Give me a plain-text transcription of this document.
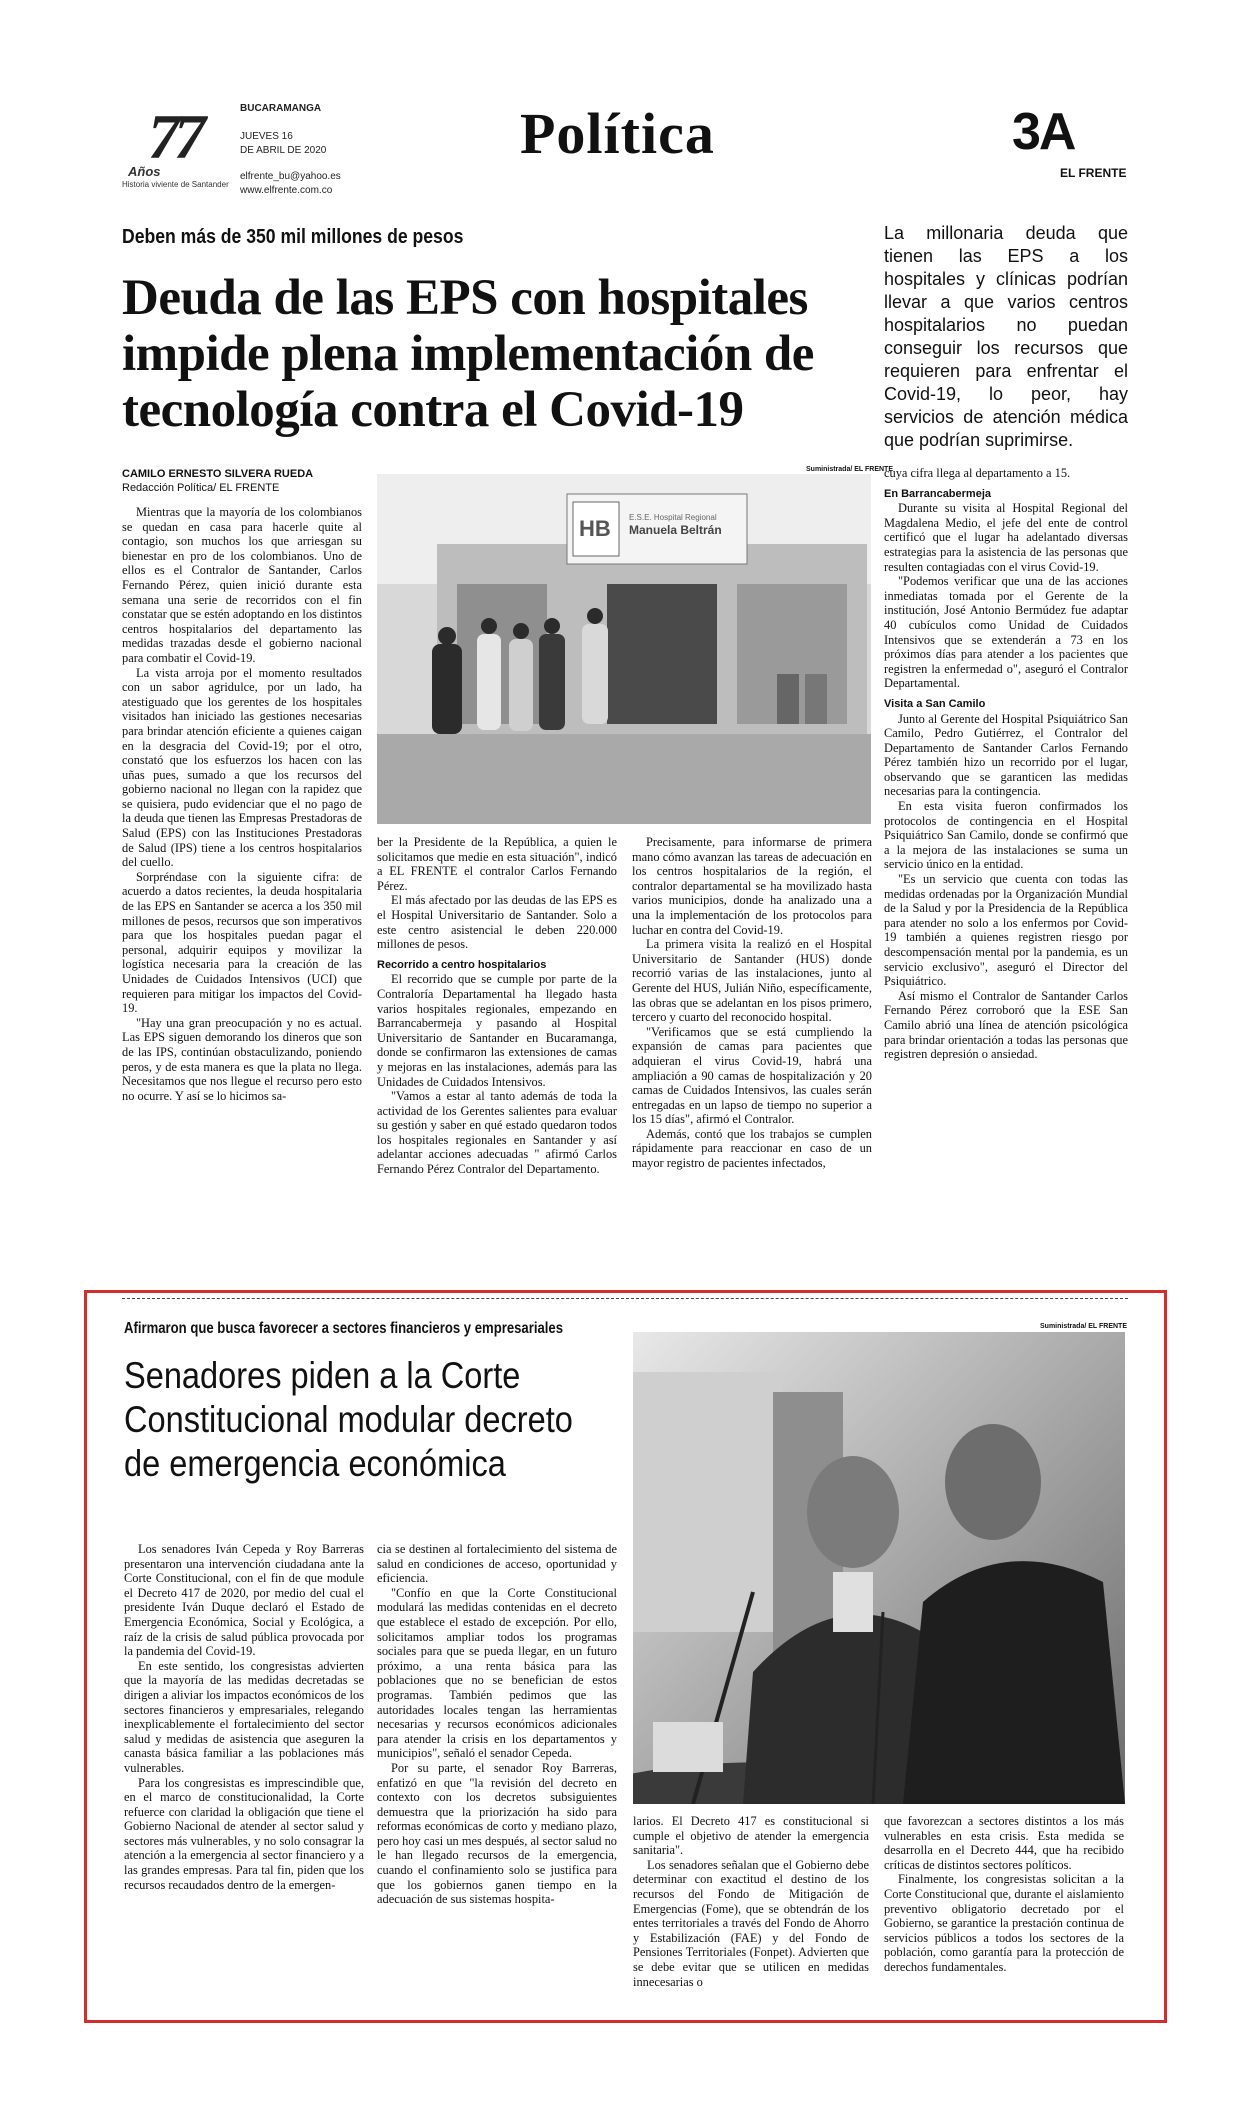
77
Años
Historia viviente de Santander
BUCARAMANGA
JUEVES 16
DE ABRIL DE 2020
elfrente_bu@yahoo.es
www.elfrente.com.co
Política	3A
EL FRENTE
Deben más de 350 mil millones de pesos
Deuda de las EPS con hospitales impide plena implementación de tecnología contra el Covid-19
La millonaria deuda que tienen las EPS a los hospitales y clínicas podrían llevar a que varios centros hospitalarios no puedan conseguir los recursos que requieren para enfrentar el Covid-19, lo peor, hay servicios de atención médica que podrían suprimirse.
CAMILO ERNESTO SILVERA RUEDA
Redacción Política/ EL FRENTE
Suministrada/ EL FRENTE
HB E.S.E. Hospital Regional
Manuela Beltrán

Mientras que la mayoría de los colombianos se quedan en casa para hacerle quite al contagio, son muchos los que arriesgan su bienestar en pro de los colombianos. Uno de ellos es el Contralor de Santander, Carlos Fernando Pérez, quien inició durante esta semana una serie de recorridos con el fin constatar que se estén adoptando en los distintos centros hospitalarios del departamento las medidas trazadas desde el gobierno nacional para combatir el Covid-19.

La vista arroja por el momento resultados con un sabor agridulce, por un lado, ha atestiguado que los gerentes de los hospitales visitados han iniciado las gestiones necesarias para brindar atención eficiente a quienes caigan en la desgracia del Covid-19; por el otro, constató que los esfuerzos los hacen con las uñas pues, sumado a que los recursos del gobierno nacional no llegan con la rapidez que se quisiera, pudo evidenciar que el no pago de la deuda que tienen las Empresas Prestadoras de Salud (EPS) con las Instituciones Prestadoras de Salud (IPS) tiene a los centros hospitalarios del cuello.

Sorpréndase con la siguiente cifra: de acuerdo a datos recientes, la deuda hospitalaria de las EPS en Santander se acerca a los 350 mil millones de pesos, recursos que son imperativos para que los hospitales puedan pagar el personal, adquirir equipos y movilizar la logística necesaria para la creación de las Unidades de Cuidados Intensivos (UCI) que requieren para mitigar los impactos del Covid-19.

"Hay una gran preocupación y no es actual. Las EPS siguen demorando los dineros que son de las IPS, continúan obstaculizando, poniendo peros, y de esta manera es que la plata no llega. Necesitamos que nos llegue el recurso pero esto no ocurre. Y así se lo hicimos sa-

ber la Presidente de la República, a quien le solicitamos que medie en esta situación", indicó a EL FRENTE el contralor Carlos Fernando Pérez.

El más afectado por las deudas de las EPS es el Hospital Universitario de Santander. Solo a este centro asistencial le deben 220.000 millones de pesos.

Recorrido a centro hospitalarios

El recorrido que se cumple por parte de la Contraloría Departamental ha llegado hasta varios hospitales regionales, empezando en Barrancabermeja y pasando al Hospital Universitario de Santander en Bucaramanga, donde se confirmaron las extensiones de camas y mejoras en las instalaciones, además para las Unidades de Cuidados Intensivos.

"Vamos a estar al tanto además de toda la actividad de los Gerentes salientes para evaluar su gestión y saber en qué estado quedaron todos los hospitales regionales en Santander y así adelantar acciones adecuadas " afirmó Carlos Fernando Pérez Contralor del Departamento.

Precisamente, para informarse de primera mano cómo avanzan las tareas de adecuación en los centros hospitalarios de la región, el contralor departamental se ha movilizado hasta varios municipios, donde ha analizado una a una la implementación de los protocolos para luchar en contra del Covid-19.

La primera visita la realizó en el Hospital Universitario de Santander (HUS) donde recorrió varias de las instalaciones, junto al Gerente del HUS, Julián Niño, específicamente, las obras que se adelantan en los pisos primero, tercero y cuarto del reconocido hospital.

"Verificamos que se está cumpliendo la expansión de camas para pacientes que adquieran el virus Covid-19, habrá una ampliación a 90 camas de hospitalización y 20 camas de Cuidados Intensivos, las cuales serán entregadas en un lapso de tiempo no superior a los 15 días", afirmó el Contralor.

Además, contó que los trabajos se cumplen rápidamente para reaccionar en caso de un mayor registro de pacientes infectados,

cuya cifra llega al departamento a 15.

En Barrancabermeja

Durante su visita al Hospital Regional del Magdalena Medio, el jefe del ente de control certificó que el lugar ha adelantado diversas estrategias para la asistencia de las personas que resulten contagiadas con el virus Covid-19.

"Podemos verificar que una de las acciones inmediatas tomada por el Gerente de la institución, José Antonio Bermúdez fue adaptar 40 cubículos como Unidad de Cuidados Intensivos que se extenderán a 73 en los próximos días para atender a los pacientes que registren la enfermedad o", aseguró el Contralor Departamental.

Visita a San Camilo

Junto al Gerente del Hospital Psiquiátrico San Camilo, Pedro Gutiérrez, el Contralor del Departamento de Santander Carlos Fernando Pérez también hizo un recorrido por el lugar, observando que se garanticen las medidas necesarias para la contingencia.

En esta visita fueron confirmados los protocolos de contingencia en el Hospital Psiquiátrico San Camilo, donde se confirmó que a la mejora de las instalaciones se suma un servicio único en la entidad.

"Es un servicio que cuenta con todas las medidas ordenadas por la Organización Mundial de la Salud y por la Presidencia de la República para atender no solo a los enfermos por Covid-19 también a quienes registren riesgo por descompensación mental por la pandemia, es un servicio exclusivo", aseguró el Director del Psiquiátrico.

Así mismo el Contralor de Santander Carlos Fernando Pérez corroboró que la ESE San Camilo abrió una línea de atención psicológica para brindar orientación a todas las personas que registren depresión o ansiedad.

Afirmaron que busca favorecer a sectores financieros y empresariales
Senadores piden a la Corte Constitucional modular decreto de emergencia económica
Suministrada/ EL FRENTE

Los senadores Iván Cepeda y Roy Barreras presentaron una intervención ciudadana ante la Corte Constitucional, con el fin de que module el Decreto 417 de 2020, por medio del cual el presidente Iván Duque declaró el Estado de Emergencia Económica, Social y Ecológica, a raíz de la crisis de salud pública provocada por la pandemia del Covid-19.

En este sentido, los congresistas advierten que la mayoría de las medidas decretadas se dirigen a aliviar los impactos económicos de los sectores financieros y empresariales, relegando inexplicablemente el fortalecimiento del sector salud y medidas de asistencia que aseguren la canasta básica familiar a las poblaciones más vulnerables.

Para los congresistas es imprescindible que, en el marco de constitucionalidad, la Corte refuerce con claridad la obligación que tiene el Gobierno Nacional de atender al sector salud y sectores más vulnerables, y no solo consagrar la atención a la emergencia al sector financiero y a las grandes empresas. Para tal fin, piden que los recursos recaudados dentro de la emergen-

cia se destinen al fortalecimiento del sistema de salud en condiciones de acceso, oportunidad y eficiencia.

"Confío en que la Corte Constitucional modulará las medidas contenidas en el decreto que establece el estado de excepción. Por ello, solicitamos ampliar todos los programas sociales para que se pueda llegar, en un futuro próximo, a una renta básica para las poblaciones que no se benefician de estos programas. También pedimos que las autoridades locales tengan las herramientas necesarias y recursos económicos adicionales para atender la crisis en los departamentos y municipios", señaló el senador Cepeda.

Por su parte, el senador Roy Barreras, enfatizó en que "la revisión del decreto en contexto con los decretos subsiguientes demuestra que la priorización ha sido para reformas económicas de corto y mediano plazo, pero hoy casi un mes después, al sector salud no le han llegado recursos de la emergencia, cuando el confinamiento solo se justifica para que los gobiernos ganen tiempo en la adecuación de sus sistemas hospita-

larios. El Decreto 417 es constitucional si cumple el objetivo de atender la emergencia sanitaria".

Los senadores señalan que el Gobierno debe determinar con exactitud el destino de los recursos del Fondo de Mitigación de Emergencias (Fome), que se obtendrán de los entes territoriales a través del Fondo de Ahorro y Estabilización (FAE) y del Fondo de Pensiones Territoriales (Fonpet). Advierten que se debe evitar que se utilicen en medidas innecesarias o

que favorezcan a sectores distintos a los más vulnerables en esta crisis. Esta medida se desarrolla en el Decreto 444, que ha recibido críticas de distintos sectores políticos.

Finalmente, los congresistas solicitan a la Corte Constitucional que, durante el aislamiento preventivo obligatorio decretado por el Gobierno, se garantice la prestación continua de servicios públicos a todos los sectores de la población, como garantía para la protección de derechos fundamentales.
